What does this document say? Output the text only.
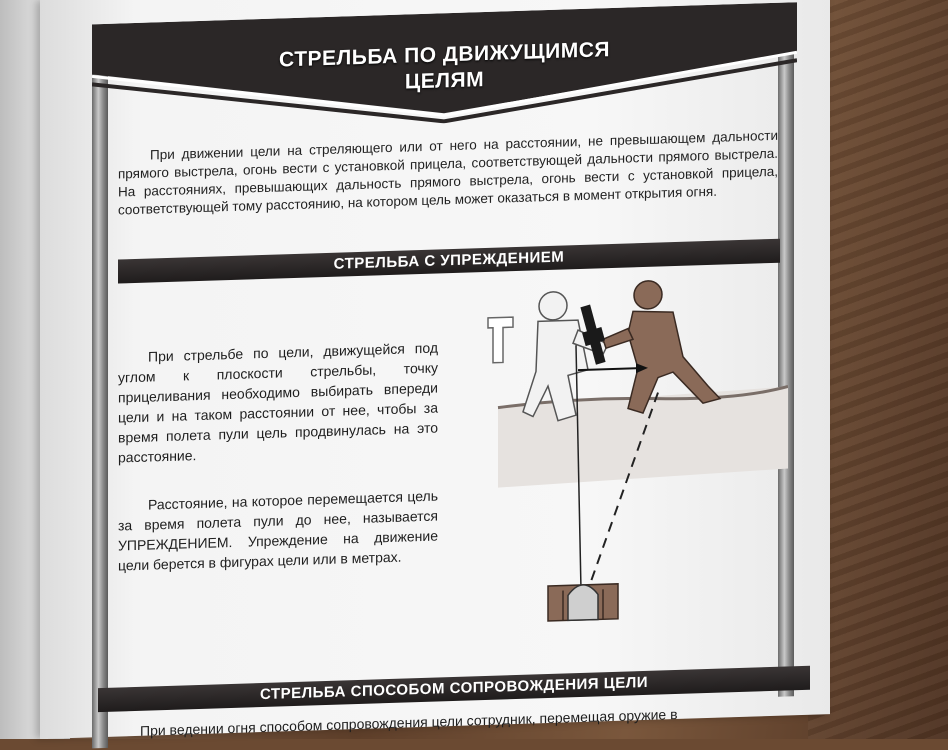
СТРЕЛЬБА ПО ДВИЖУЩИМСЯ
ЦЕЛЯМ
При движении цели на стреляющего или от него на расстоянии, не превышающем дальности прямого выстрела, огонь вести с установкой прицела, соответствующей дальности прямого выстрела. На расстояниях, превышающих дальность прямого выстрела, огонь вести с установкой прицела, соответствующей тому расстоянию, на котором цель может оказаться в момент открытия огня.
СТРЕЛЬБА С УПРЕЖДЕНИЕМ
При стрельбе по цели, движущейся под углом к плоскости стрельбы, точку прицеливания необходимо выбирать впереди цели и на таком расстоянии от нее, чтобы за время полета пули цель продвинулась на это расстояние.
Расстояние, на которое перемещается цель за время полета пули до нее, называется УПРЕЖДЕНИЕМ. Упреждение на движение цели берется в фигурах цели или в метрах.
СТРЕЛЬБА СПОСОБОМ СОПРОВОЖДЕНИЯ ЦЕЛИ
При ведении огня способом сопровождения цели сотрудник, перемещая оружие в
